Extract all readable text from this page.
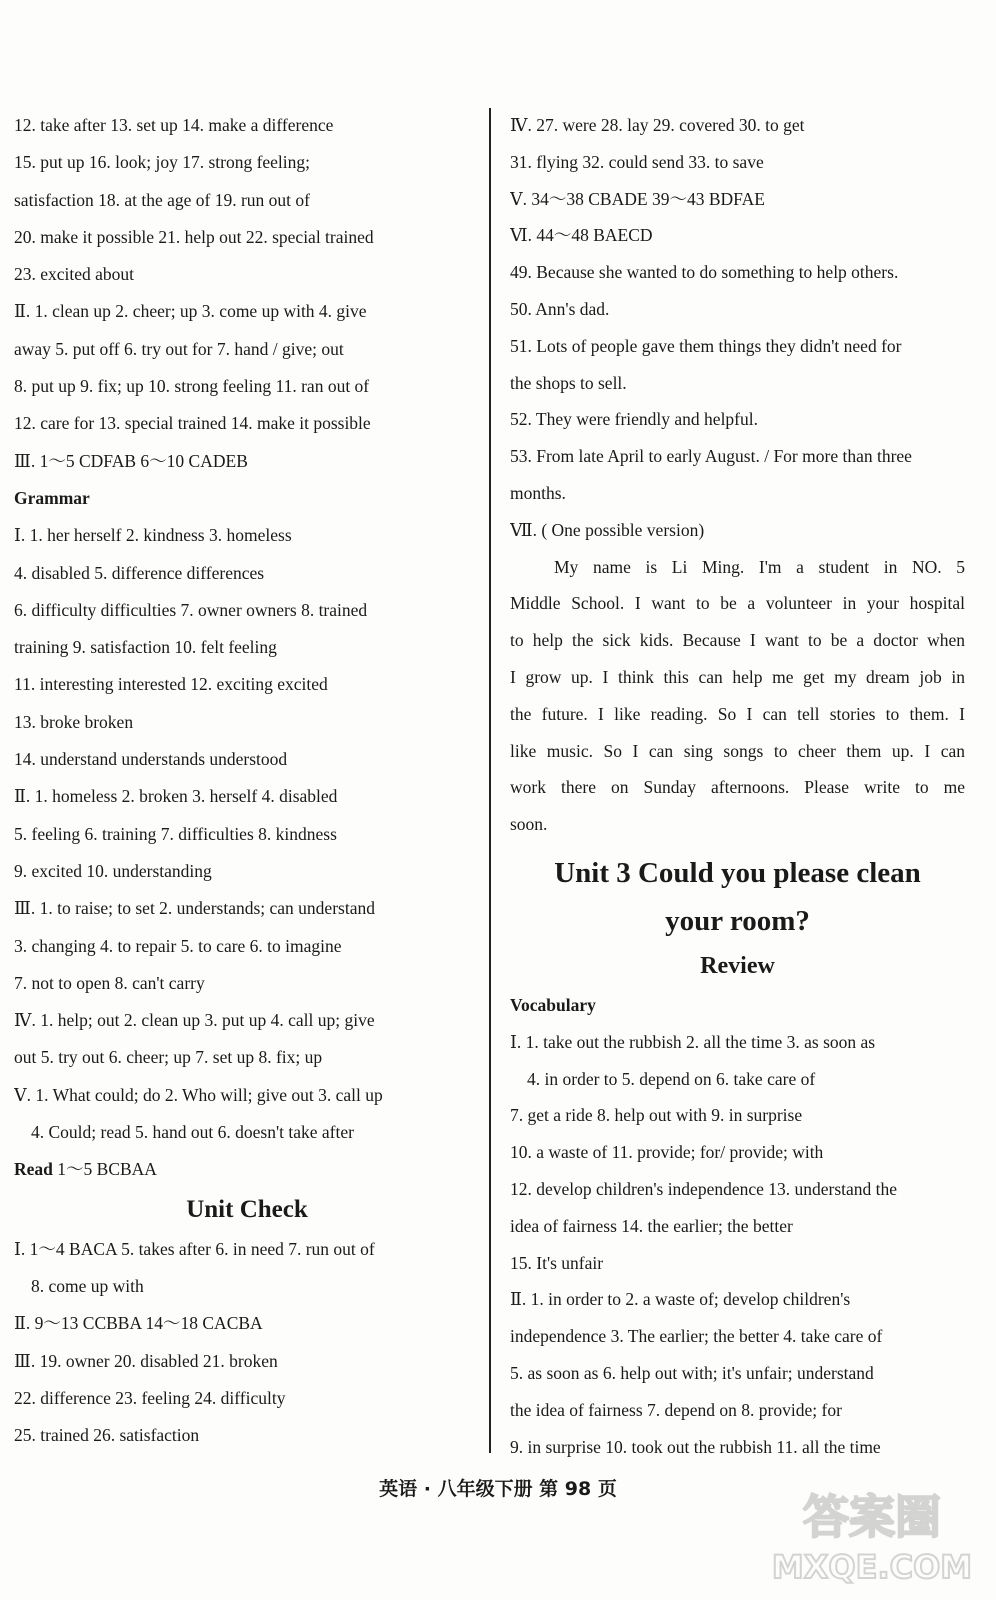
12. take after 13. set up 14. make a difference
15. put up 16. look; joy 17. strong feeling;
satisfaction 18. at the age of 19. run out of
20. make it possible 21. help out 22. special trained
23. excited about
Ⅱ. 1. clean up 2. cheer; up 3. come up with 4. give
away 5. put off 6. try out for 7. hand / give; out
8. put up 9. fix; up 10. strong feeling 11. ran out of
12. care for 13. special trained 14. make it possible
Ⅲ. 1～5 CDFAB 6～10 CADEB
Grammar
Ⅰ. 1. her herself 2. kindness 3. homeless
4. disabled 5. difference differences
6. difficulty difficulties 7. owner owners 8. trained
training 9. satisfaction 10. felt feeling
11. interesting interested 12. exciting excited
13. broke broken
14. understand understands understood
Ⅱ. 1. homeless 2. broken 3. herself 4. disabled
5. feeling 6. training 7. difficulties 8. kindness
9. excited 10. understanding
Ⅲ. 1. to raise; to set 2. understands; can understand
3. changing 4. to repair 5. to care 6. to imagine
7. not to open 8. can't carry
Ⅳ. 1. help; out 2. clean up 3. put up 4. call up; give
out 5. try out 6. cheer; up 7. set up 8. fix; up
Ⅴ. 1. What could; do 2. Who will; give out 3. call up
4. Could; read 5. hand out 6. doesn't take after
Read 1～5 BCBAA
Unit Check
Ⅰ. 1～4 BACA 5. takes after 6. in need 7. run out of
8. come up with
Ⅱ. 9～13 CCBBA 14～18 CACBA
Ⅲ. 19. owner 20. disabled 21. broken
22. difference 23. feeling 24. difficulty
25. trained 26. satisfaction
Ⅳ. 27. were 28. lay 29. covered 30. to get
31. flying 32. could send 33. to save
Ⅴ. 34～38 CBADE 39～43 BDFAE
Ⅵ. 44～48 BAECD
49. Because she wanted to do something to help others.
50. Ann's dad.
51. Lots of people gave them things they didn't need for
the shops to sell.
52. They were friendly and helpful.
53. From late April to early August. / For more than three
months.
Ⅶ. ( One possible version)
My name is Li Ming. I'm a student in NO. 5
Middle School. I want to be a volunteer in your hospital
to help the sick kids. Because I want to be a doctor when
I grow up. I think this can help me get my dream job in
the future. I like reading. So I can tell stories to them. I
like music. So I can sing songs to cheer them up. I can
work there on Sunday afternoons. Please write to me
soon.
Unit 3 Could you please clean
your room?
Review
Vocabulary
Ⅰ. 1. take out the rubbish 2. all the time 3. as soon as
4. in order to 5. depend on 6. take care of
7. get a ride 8. help out with 9. in surprise
10. a waste of 11. provide; for/ provide; with
12. develop children's independence 13. understand the
idea of fairness 14. the earlier; the better
15. It's unfair
Ⅱ. 1. in order to 2. a waste of; develop children's
independence 3. The earlier; the better 4. take care of
5. as soon as 6. help out with; it's unfair; understand
the idea of fairness 7. depend on 8. provide; for
9. in surprise 10. took out the rubbish 11. all the time
英语 · 八年级下册 第 98 页
答案圈
MXQE.COM
